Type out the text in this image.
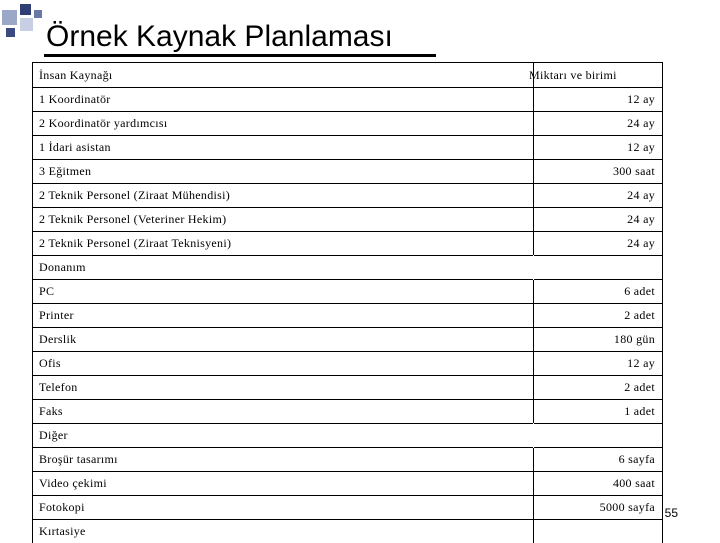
Örnek Kaynak Planlaması
İnsan Kaynağı	Miktarı ve birimi
1 Koordinatör	12 ay
2 Koordinatör yardımcısı	24 ay
1 İdari asistan	12 ay
3 Eğitmen	300 saat
2 Teknik Personel (Ziraat Mühendisi)	24 ay
2 Teknik Personel (Veteriner Hekim)	24 ay
2 Teknik Personel (Ziraat Teknisyeni)	24 ay
Donanım
PC	6 adet
Printer	2 adet
Derslik	180 gün
Ofis	12 ay
Telefon	2 adet
Faks	1 adet
Diğer
Broşür tasarımı	6 sayfa
Video çekimi	400 saat
Fotokopi	5000 sayfa
Kırtasiye
55
